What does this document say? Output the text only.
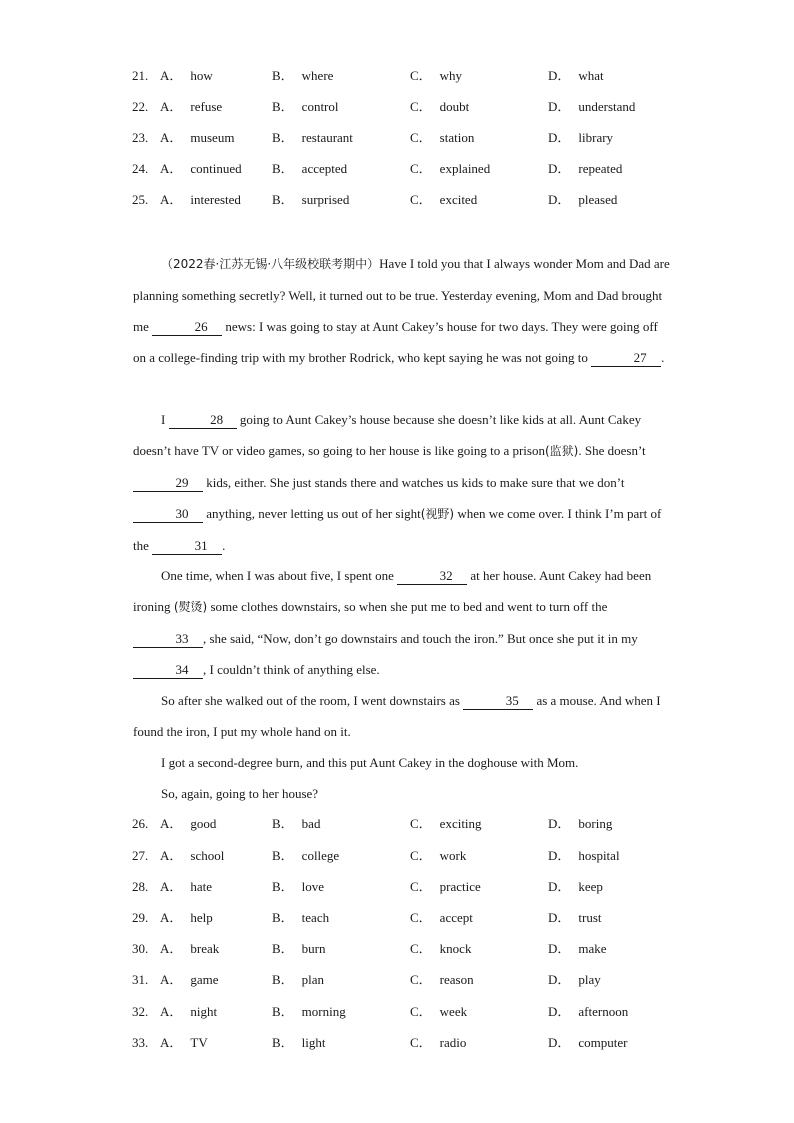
21. A． how	B． where	C． why	D． what
22. A． refuse	B． control	C． doubt	D． understand
23. A． museum	B． restaurant	C． station	D． library
24. A． continued B． accepted	C． explained	D． repeated
25. A． interested B． surprised	C． excited	D． pleased
（2022春·江苏无锡·八年级校联考期中）Have I told you that I always wonder Mom and Dad are planning something secretly? Well, it turned out to be true. Yesterday evening, Mom and Dad brought me	26 news: I was going to stay at Aunt Cakey’s house for two days. They were going off on a college-finding trip with my brother Rodrick, who kept saying he was not going to	27 .
I	28 going to Aunt Cakey’s house because she doesn’t like kids at all. Aunt Cakey doesn’t have TV or video games, so going to her house is like going to a prison(监狱). She doesn’t 29 kids, either. She just stands there and watches us kids to make sure that we don’t 30 anything, never letting us out of her sight(视野) when we come over. I think I’m part of the	31 .
One time, when I was about five, I spent one	32 at her house. Aunt Cakey had been ironing (熨烫) some clothes downstairs, so when she put me to bed and went to turn off the 33 , she said, “Now, don’t go downstairs and touch the iron.” But once she put it in my 34 , I couldn’t think of anything else.
So after she walked out of the room, I went downstairs as	35 as a mouse. And when I found the iron, I put my whole hand on it.
I got a second-degree burn, and this put Aunt Cakey in the doghouse with Mom.
So, again, going to her house?
26. A． good	B． bad	C． exciting	D． boring
27. A． school	B． college	C． work	D． hospital
28. A． hate	B． love	C． practice	D． keep
29. A． help	B． teach	C． accept	D． trust
30. A． break	B． burn	C． knock	D． make
31. A． game	B． plan	C． reason	D． play
32. A． night	B． morning	C． week	D． afternoon
33. A． TV	B． light	C． radio	D． computer
